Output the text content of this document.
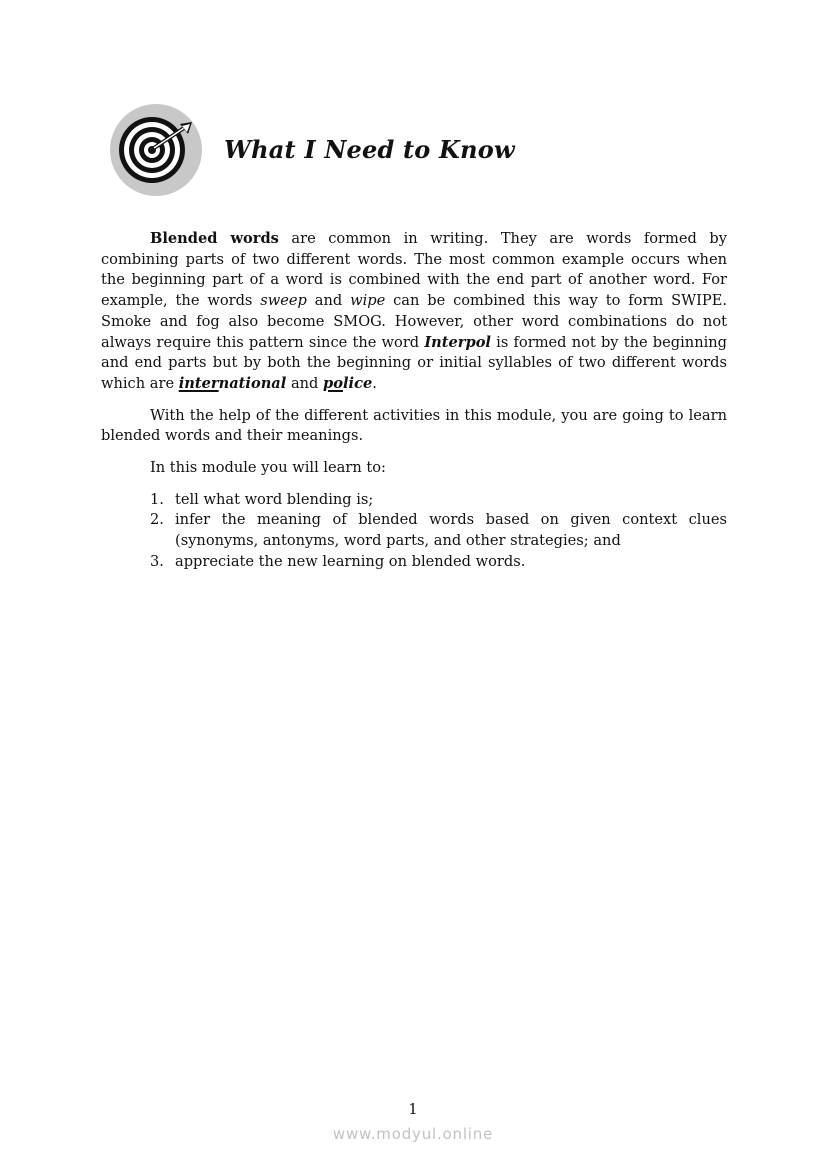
What I Need to Know

Blended words are common in writing. They are words formed by combining parts of two different words. The most common example occurs when the beginning part of a word is combined with the end part of another word. For example, the words sweep and wipe can be combined this way to form SWIPE. Smoke and fog also become SMOG. However, other word combinations do not always require this pattern since the word Interpol is formed not by the beginning and end parts but by both the beginning or initial syllables of two different words which are international and police.

With the help of the different activities in this module, you are going to learn blended words and their meanings.

In this module you will learn to:

1. tell what word blending is;
2. infer the meaning of blended words based on given context clues (synonyms, antonyms, word parts, and other strategies; and
3. appreciate the new learning on blended words.
1
www.modyul.online
